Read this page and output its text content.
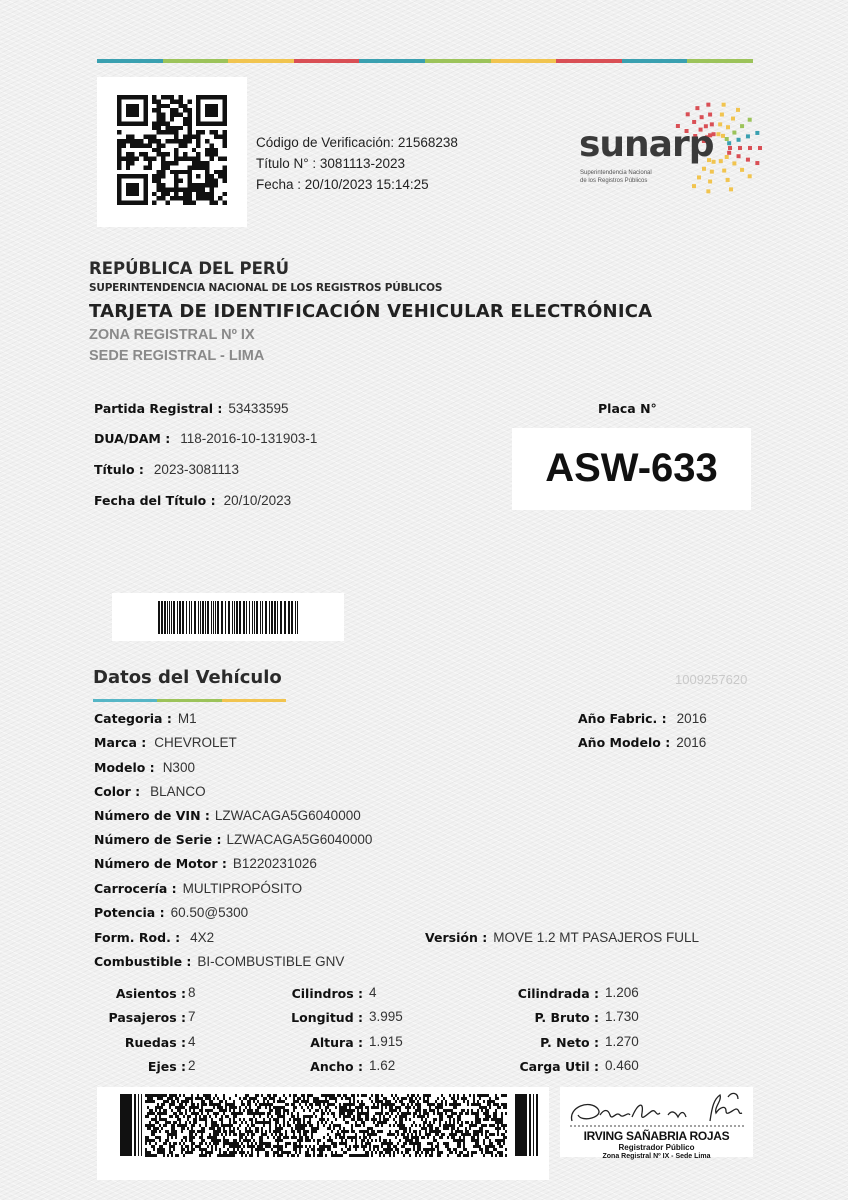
Código de Verificación: 21568238
Título N° : 3081113-2023
Fecha : 20/10/2023 15:14:25
sunarp
Superintendencia Nacional
de los Registros Públicos
REPÚBLICA DEL PERÚ
SUPERINTENDENCIA NACIONAL DE LOS REGISTROS PÚBLICOS
TARJETA DE IDENTIFICACIÓN VEHICULAR ELECTRÓNICA
ZONA REGISTRAL Nº IX
SEDE REGISTRAL - LIMA
Partida Registral : 53433595
DUA/DAM : 118-2016-10-131903-1
Título : 2023-3081113
Fecha del Título : 20/10/2023
Placa N°
ASW-633
Datos del Vehículo	1009257620
Categoria : M1
Marca : CHEVROLET
Modelo : N300
Color : BLANCO
Número de VIN : LZWACAGA5G6040000
Número de Serie : LZWACAGA5G6040000
Número de Motor : B1220231026
Carrocería : MULTIPROPÓSITO
Potencia : 60.50@5300
Form. Rod. : 4X2
Combustible : BI-COMBUSTIBLE GNV
Versión : MOVE 1.2 MT PASAJEROS FULL
Año Fabric. : 2016
Año Modelo : 2016
Asientos : 8
Pasajeros : 7
Ruedas : 4
Ejes : 2
Cilindros : 4
Longitud : 3.995
Altura : 1.915
Ancho : 1.62
Cilindrada : 1.206
P. Bruto : 1.730
P. Neto : 1.270
Carga Util : 0.460
IRVING SAÑABRIA ROJAS
Registrador Público
Zona Registral Nº IX - Sede Lima
